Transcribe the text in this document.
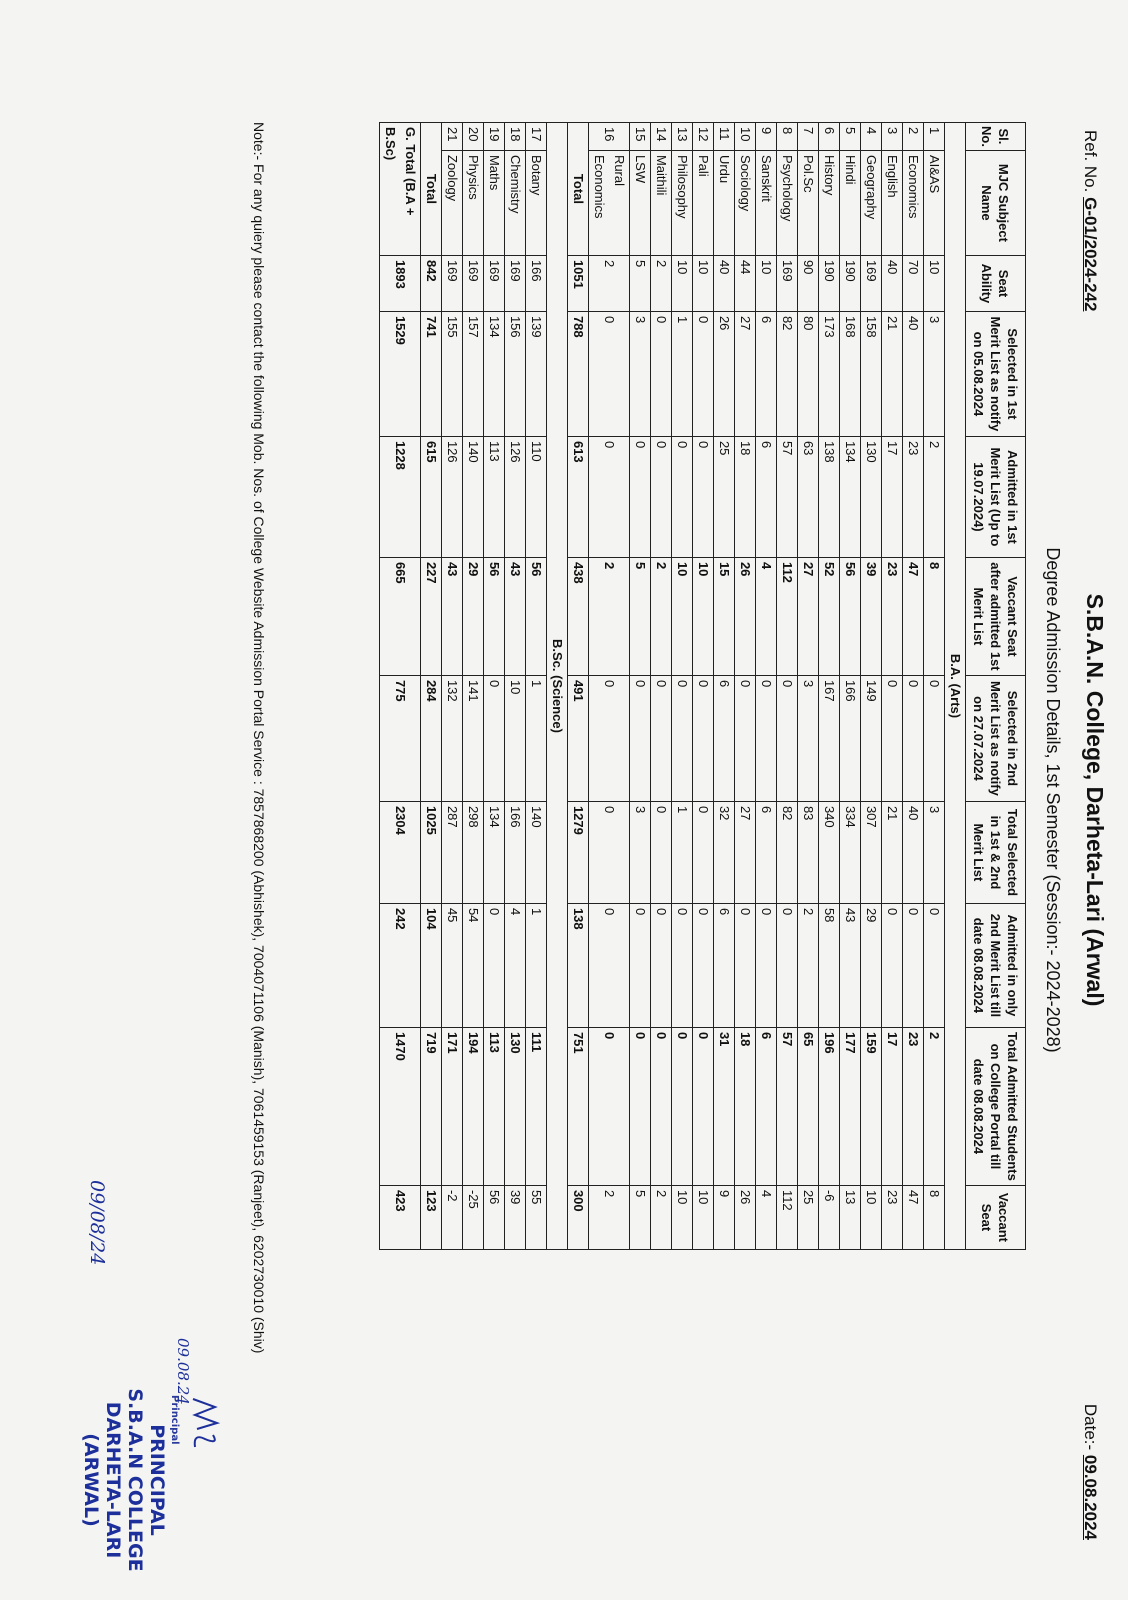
Ref. No. G-01/2024-242
S.B.A.N. College, Darheta-Lari (Arwal)
Date:- 09.08.2024
Degree Admission Details, 1st Semester (Session:- 2024-2028)
Sl. No.	MJC Subject Name	Seat Ability	Selected in 1st Merit List as notify on 05.08.2024	Admitted in 1st Merit List (Up to 19.07.2024)	Vaccant Seat after admitted 1st Merit List	Selected in 2nd Merit List as notify on 27.07.2024	Total Selected in 1st & 2nd Merit List	Admitted in only 2nd Merit List till date 08.08.2024	Total Admitted Students on College Portal till date 08.08.2024	Vaccant Seat
B.A. (Arts)										
1	AI&AS	10	3	2	8	0	3	0	2	8
2	Economics	70	40	23	47	0	40	0	23	47
3	English	40	21	17	23	0	21	0	17	23
4	Geography	169	158	130	39	149	307	29	159	10
5	Hindi	190	168	134	56	166	334	43	177	13
6	History	190	173	138	52	167	340	58	196	-6
7	Pol.Sc	90	80	63	27	3	83	2	65	25
8	Psychology	169	82	57	112	0	82	0	57	112
9	Sanskrit	10	6	6	4	0	6	0	6	4
10	Sociology	44	27	18	26	0	27	0	18	26
11	Urdu	40	26	25	15	6	32	6	31	9
12	Pali	10	0	0	10	0	0	0	0	10
13	Philosophy	10	1	0	10	0	1	0	0	10
14	Maithili	2	0	0	2	0	0	0	0	2
15	LSW	5	3	0	5	0	3	0	0	5
16	Rural Economics	2	0	0	2	0	0	0	0	2
Total		1051	788	613	438	491	1279	138	751	300
B.Sc. (Science)										
17	Botany	166	139	110	56	1	140	1	111	55
18	Chemistry	169	156	126	43	10	166	4	130	39
19	Maths	169	134	113	56	0	134	0	113	56
20	Physics	169	157	140	29	141	298	54	194	-25
21	Zoology	169	155	126	43	132	287	45	171	-2
Total		842	741	615	227	284	1025	104	719	123
G. Total (B.A + B.Sc)		1893	1529	1228	665	775	2304	242	1470	423
Note:- For any quiery please contact the following Mob. Nos. of College Website Admission Portal Service : 7857868200 (Abhishek), 7004071106 (Manish), 7061459153 (Ranjeet), 6202730010 (Shiv)
Principal
PRINCIPAL
S.B.A.N COLLEGE
DARHETA-LARI (ARWAL)
09.08.24
09/08/24
